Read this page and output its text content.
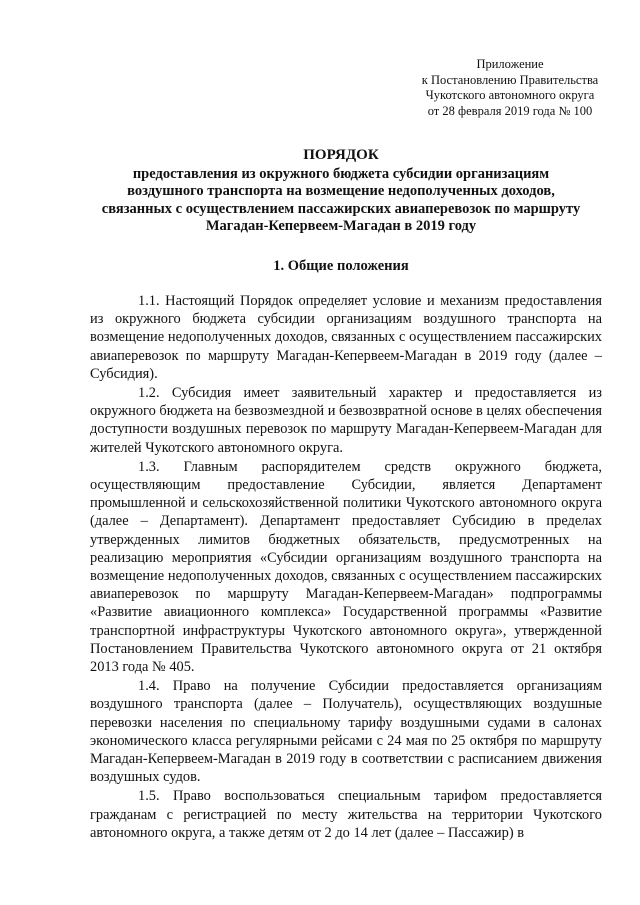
Приложение
к Постановлению Правительства
Чукотского автономного округа
от 28 февраля 2019 года № 100
ПОРЯДОК
предоставления из окружного бюджета субсидии организациям
воздушного транспорта на возмещение недополученных доходов,
связанных с осуществлением пассажирских авиаперевозок по маршруту
Магадан-Кепервеем-Магадан в 2019 году
1. Общие положения

1.1. Настоящий Порядок определяет условие и механизм предоставления из окружного бюджета субсидии организациям воздушного транспорта на возмещение недополученных доходов, связанных с осуществлением пассажирских авиаперевозок по маршруту Магадан-Кепервеем-Магадан в 2019 году (далее – Субсидия).

1.2. Субсидия имеет заявительный характер и предоставляется из окружного бюджета на безвозмездной и безвозвратной основе в целях обеспечения доступности воздушных перевозок по маршруту Магадан-Кепервеем-Магадан для жителей Чукотского автономного округа.

1.3. Главным распорядителем средств окружного бюджета, осуществляющим предоставление Субсидии, является Департамент промышленной и сельскохозяйственной политики Чукотского автономного округа (далее – Департамент). Департамент предоставляет Субсидию в пределах утвержденных лимитов бюджетных обязательств, предусмотренных на реализацию мероприятия «Субсидии организациям воздушного транспорта на возмещение недополученных доходов, связанных с осуществлением пассажирских авиаперевозок по маршруту Магадан-Кепервеем-Магадан» подпрограммы «Развитие авиационного комплекса» Государственной программы «Развитие транспортной инфраструктуры Чукотского автономного округа», утвержденной Постановлением Правительства Чукотского автономного округа от 21 октября 2013 года № 405.

1.4. Право на получение Субсидии предоставляется организациям воздушного транспорта (далее – Получатель), осуществляющих воздушные перевозки населения по специальному тарифу воздушными судами в салонах экономического класса регулярными рейсами с 24 мая по 25 октября по маршруту Магадан-Кепервеем-Магадан в 2019 году в соответствии с расписанием движения воздушных судов.

1.5. Право воспользоваться специальным тарифом предоставляется гражданам с регистрацией по месту жительства на территории Чукотского автономного округа, а также детям от 2 до 14 лет (далее – Пассажир) в
